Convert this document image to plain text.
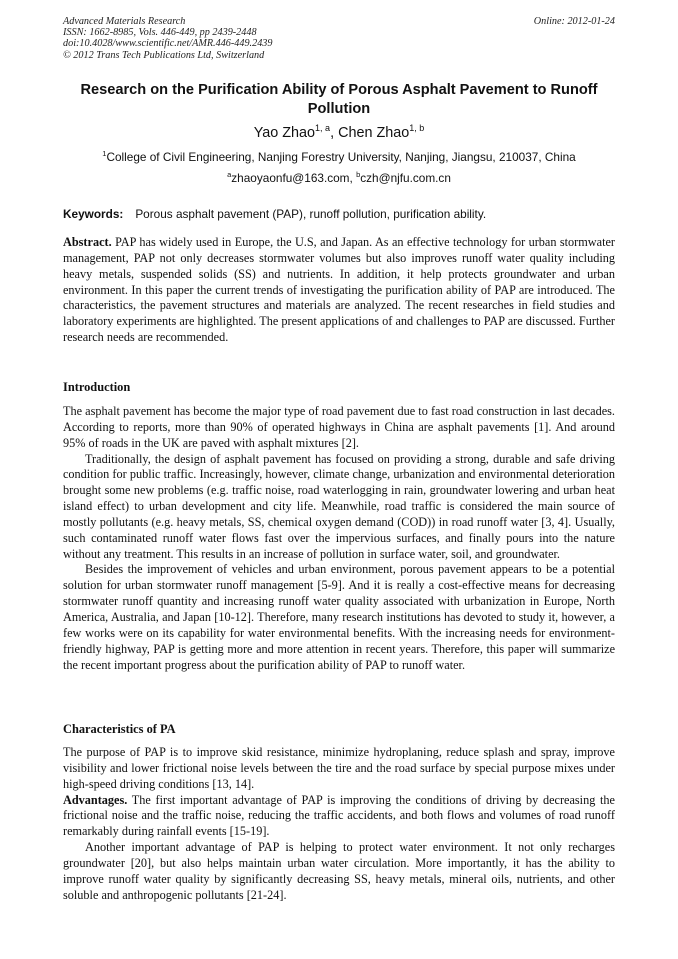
Advanced Materials Research
ISSN: 1662-8985, Vols. 446-449, pp 2439-2448
doi:10.4028/www.scientific.net/AMR.446-449.2439
© 2012 Trans Tech Publications Ltd, Switzerland
Online: 2012-01-24
Research on the Purification Ability of Porous Asphalt Pavement to Runoff Pollution
Yao Zhao$^{1, a}$, Chen Zhao$^{1, b}$
$^1$College of Civil Engineering, Nanjing Forestry University, Nanjing, Jiangsu, 210037, China
$^a$zhaoyaonfu@163.com, $^b$czh@njfu.com.cn
Keywords: Porous asphalt pavement (PAP), runoff pollution, purification ability.

Abstract. PAP has widely used in Europe, the U.S, and Japan. As an effective technology for urban stormwater management, PAP not only decreases stormwater volumes but also improves runoff water quality including heavy metals, suspended solids (SS) and nutrients. In addition, it help protects groundwater and urban environment. In this paper the current trends of investigating the purification ability of PAP are introduced. The characteristics, the pavement structures and materials are analyzed. The recent researches in field studies and laboratory experiments are highlighted. The present applications of and challenges to PAP are discussed. Further research needs are recommended.

Introduction

The asphalt pavement has become the major type of road pavement due to fast road construction in last decades. According to reports, more than 90% of operated highways in China are asphalt pavements [1]. And around 95% of roads in the UK are paved with asphalt mixtures [2].

Traditionally, the design of asphalt pavement has focused on providing a strong, durable and safe driving condition for public traffic. Increasingly, however, climate change, urbanization and environmental deterioration brought some new problems (e.g. traffic noise, road waterlogging in rain, groundwater lowering and urban heat island effect) to urban development and city life. Meanwhile, road traffic is considered the main source of mostly pollutants (e.g. heavy metals, SS, chemical oxygen demand (COD)) in road runoff water [3, 4]. Usually, such contaminated runoff water flows fast over the impervious surfaces, and finally pours into the nature without any treatment. This results in an increase of pollution in surface water, soil, and groundwater.

Besides the improvement of vehicles and urban environment, porous pavement appears to be a potential solution for urban stormwater runoff management [5-9]. And it is really a cost-effective means for decreasing stormwater runoff quantity and increasing runoff water quality associated with urbanization in Europe, North America, Australia, and Japan [10-12]. Therefore, many research institutions has devoted to study it, however, a few works were on its capability for water environmental benefits. With the increasing needs for environment-friendly highway, PAP is getting more and more attention in recent years. Therefore, this paper will summarize the recent important progress about the purification ability of PAP to runoff water.

Characteristics of PA

The purpose of PAP is to improve skid resistance, minimize hydroplaning, reduce splash and spray, improve visibility and lower frictional noise levels between the tire and the road surface by special purpose mixes under high-speed driving conditions [13, 14].

Advantages. The first important advantage of PAP is improving the conditions of driving by decreasing the frictional noise and the traffic noise, reducing the traffic accidents, and both flows and volumes of road runoff remarkably during rainfall events [15-19].

Another important advantage of PAP is helping to protect water environment. It not only recharges groundwater [20], but also helps maintain urban water circulation. More importantly, it has the ability to improve runoff water quality by significantly decreasing SS, heavy metals, mineral oils, nutrients, and other soluble and anthropogenic pollutants [21-24].
